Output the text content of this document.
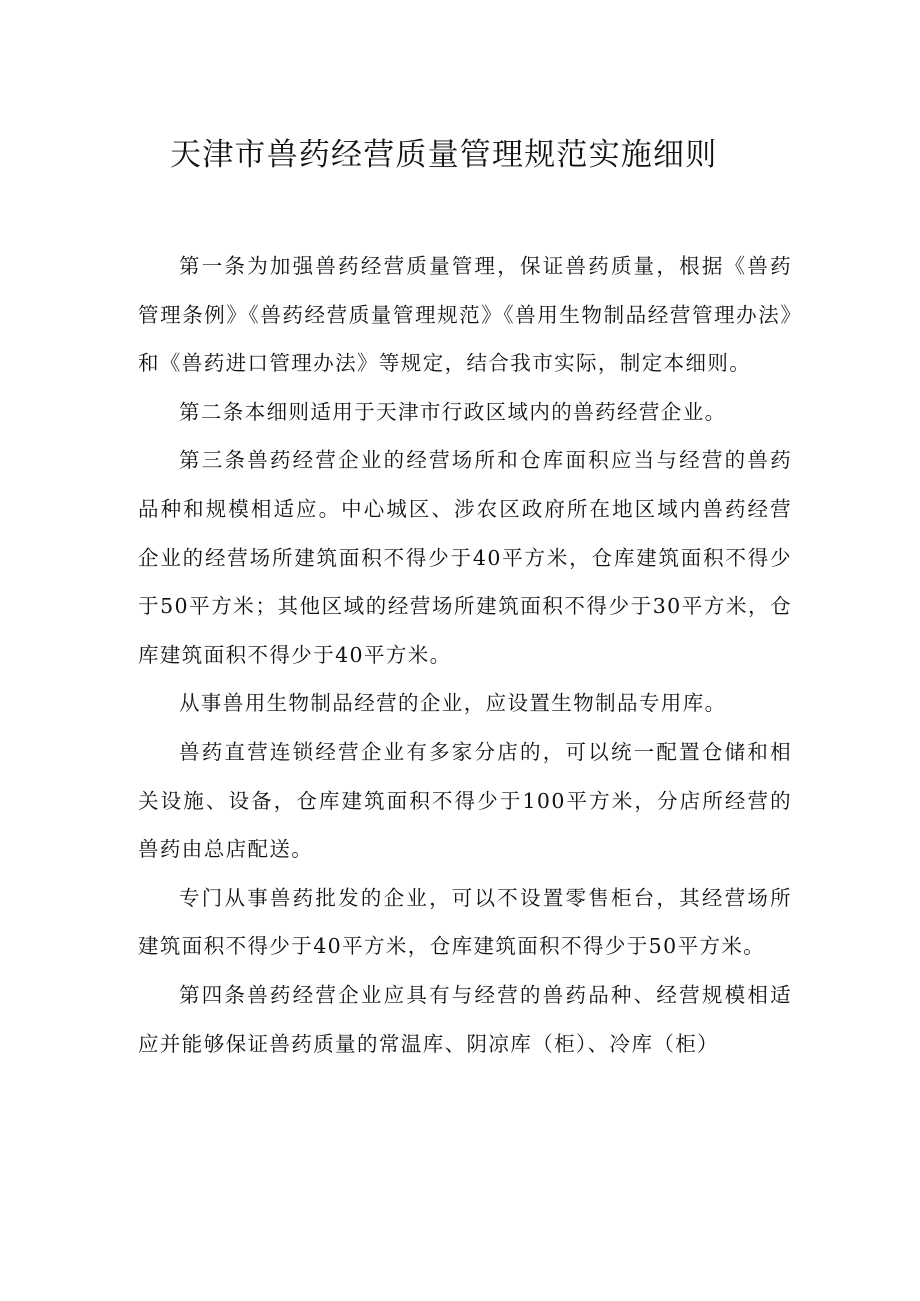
天津市兽药经营质量管理规范实施细则

第一条为加强兽药经营质量管理，保证兽药质量，根据《兽药管理条例》《兽药经营质量管理规范》《兽用生物制品经营管理办法》和《兽药进口管理办法》等规定，结合我市实际，制定本细则。

第二条本细则适用于天津市行政区域内的兽药经营企业。

第三条兽药经营企业的经营场所和仓库面积应当与经营的兽药品种和规模相适应。中心城区、涉农区政府所在地区域内兽药经营企业的经营场所建筑面积不得少于40平方米，仓库建筑面积不得少于50平方米；其他区域的经营场所建筑面积不得少于30平方米，仓库建筑面积不得少于40平方米。

从事兽用生物制品经营的企业，应设置生物制品专用库。

兽药直营连锁经营企业有多家分店的，可以统一配置仓储和相关设施、设备，仓库建筑面积不得少于100平方米，分店所经营的兽药由总店配送。

专门从事兽药批发的企业，可以不设置零售柜台，其经营场所建筑面积不得少于40平方米，仓库建筑面积不得少于50平方米。

第四条兽药经营企业应具有与经营的兽药品种、经营规模相适应并能够保证兽药质量的常温库、阴凉库（柜）、冷库（柜）
